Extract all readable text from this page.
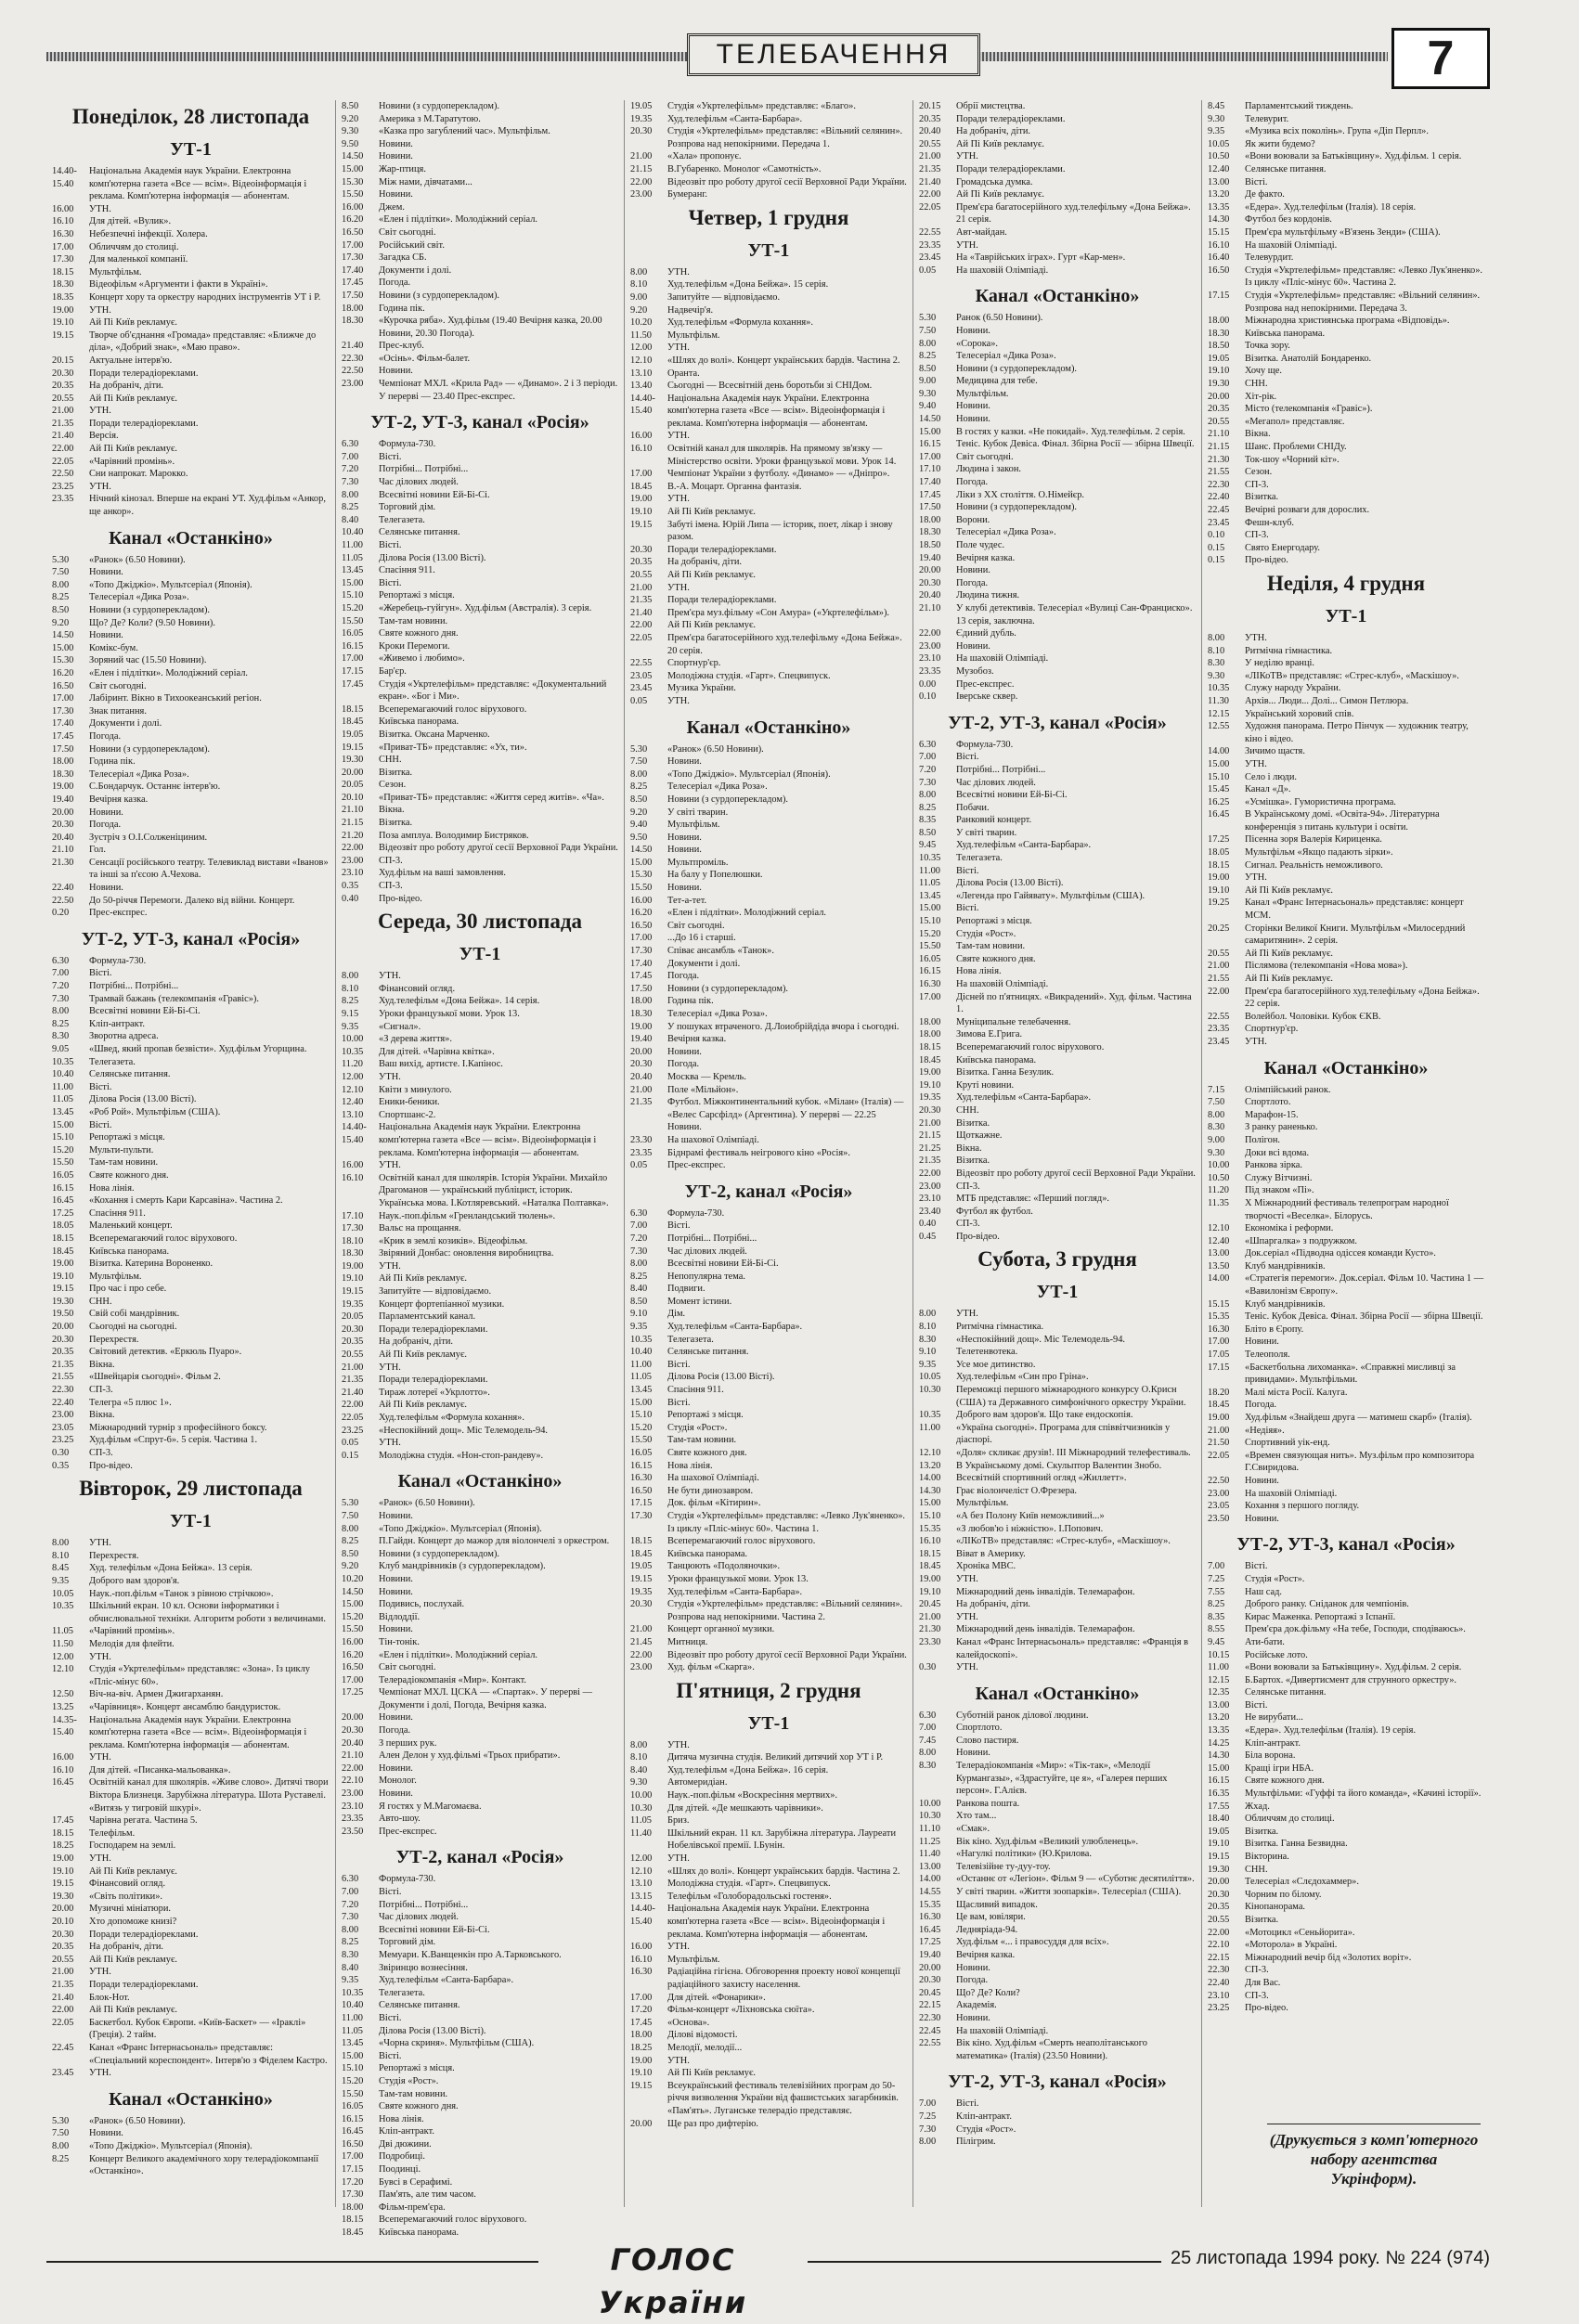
ТЕЛЕБАЧЕННЯ	7
Понеділок, 28 листопада
УТ-1
14.40-15.40
Національна Академія наук України. Електронна комп'ютерна газета «Все — всім». Відеоінформація і реклама. Комп'ютерна інформація — абонентам.
16.00	УТН.
16.10	Для дітей. «Вулик».
16.30	Небезпечні інфекції. Холера.
17.00	Обличчям до столиці.
17.30	Для маленької компанії.
18.15	Мультфільм.
18.30	Відеофільм «Аргументи і факти в Україні».
18.35	Концерт хору та оркестру народних інструментів УТ і Р.
19.00	УТН.
19.10	Ай Пі Київ рекламує.
19.15	Творче об'єднання «Громада» представляє: «Ближче до діла», «Добрий знак», «Маю право».
20.15	Актуальне інтерв'ю.
20.30	Поради телерадіореклами.
20.35	На добраніч, діти.
20.55	Ай Пі Київ рекламує.
21.00	УТН.
21.35	Поради телерадіореклами.
21.40	Версія.
22.00	Ай Пі Київ рекламує.
22.05	«Чарівний промінь».
22.50	Сни напрокат. Марокко.
23.25	УТН.
23.35	Нічний кінозал. Вперше на екрані УТ. Худ.фільм «Анкор, ще анкор».
Канал «Останкіно»
5.30	«Ранок» (6.50 Новини).
7.50	Новини.
8.00	«Топо Джіджіо». Мультсеріал (Японія).
8.25	Телесеріал «Дика Роза».
8.50	Новини (з сурдоперекладом).
9.20	Що? Де? Коли? (9.50 Новини).
14.50	Новини.
15.00	Комікс-бум.
15.30	Зоряний час (15.50 Новини).
16.20	«Елен і підлітки». Молодіжний серіал.
16.50	Світ сьогодні.
17.00	Лабіринт. Вікно в Тихоокеанський регіон.
17.30	Знак питання.
17.40	Документи і долі.
17.45	Погода.
17.50	Новини (з сурдоперекладом).
18.00	Година пік.
18.30	Телесеріал «Дика Роза».
19.00	С.Бондарчук. Останнє інтерв'ю.
19.40	Вечірня казка.
20.00	Новини.
20.30	Погода.
20.40	Зустріч з О.І.Солженіциним.
21.10	Гол.
21.30	Сенсації російського театру. Телевиклад вистави «Іванов» та іншi за п'єсою А.Чехова.
22.40	Новини.
22.50	До 50-річчя Перемоги. Далеко від війни. Концерт.
0.20	Прес-експрес.
УТ-2, УТ-3, канал «Росія»
6.30	Формула-730.
7.00	Вісті.
7.20	Потрібні... Потрібні...
7.30	Трамвай бажань (телекомпанія «Гравіс»).
8.00	Всесвітні новини Ей-Бі-Сі.
8.25	Кліп-антракт.
8.30	Зворотна адреса.
9.05	«Швед, який пропав безвісти». Худ.фільм Угорщина.
10.35	Телегазета.
10.40	Селянське питання.
11.00	Вісті.
11.05	Ділова Росія (13.00 Вісті).
13.45	«Роб Рой». Мультфільм (США).
15.00	Вісті.
15.10	Репортажі з місця.
15.20	Мульти-пульти.
15.50	Там-там новини.
16.05	Святе кожного дня.
16.15	Нова лінія.
16.45	«Кохання і смерть Кари Карсавіна». Частина 2.
17.25	Спасіння 911.
18.05	Маленький концерт.
18.15	Всеперемагаючий голос вірухового.
18.45	Київська панорама.
19.00	Візитка. Катерина Вороненко.
19.10	Мультфільм.
19.15	Про час і про себе.
19.30	СНН.
19.50	Свій собі мандрівник.
20.00	Сьогодні на сьогодні.
20.30	Перехрестя.
20.35	Світовий детектив. «Еркюль Пуаро».
21.35	Вікна.
21.55	«Швейцарія сьогодні». Фільм 2.
22.30	СП-3.
22.40	Телегра «5 плюс 1».
23.00	Вікна.
23.05	Міжнародний турнір з професійного боксу.
23.25	Худ.фільм «Спрут-6». 5 серія. Частина 1.
0.30	СП-3.
0.35	Про-відео.
Вівторок, 29 листопада
УТ-1
8.00	УТН.
8.10	Перехрестя.
8.45	Худ. телефільм «Дона Бейжа». 13 серія.
9.35	Доброго вам здоров'я.
10.05	Наук.-поп.фільм «Танок з рівною стрічкою».
10.35	Шкільний екран. 10 кл. Основи інформатики і обчислювальної техніки. Алгоритм роботи з величинами.
11.05	«Чарівний промінь».
11.50	Мелодія для флейти.
12.00	УТН.
12.10	Студія «Укртелефільм» представляє: «Зона». Із циклу «Пліс-мінус 60».
12.50	Віч-на-віч. Армен Джигарханян.
13.25	«Чарівниця». Концерт ансамблю бандуристок.
14.35-15.40
Національна Академія наук України. Електронна комп'ютерна газета «Все — всім». Відеоінформація і реклама. Комп'ютерна інформація — абонентам.
16.00	УТН.
16.10	Для дітей. «Писанка-мальованка».
16.45	Освітній канал для школярів. «Живе слово». Дитячі твори Віктора Близнеця. Зарубіжна література. Шота Руставелі. «Витязь у тигровій шкурі».
17.45	Чарівна регата. Частина 5.
18.15	Телефільм.
18.25	Господарем на землі.
19.00	УТН.
19.10	Ай Пі Київ рекламує.
19.15	Фінансовий огляд.
19.30	«Світь політики».
20.00	Музичні мініатюри.
20.10	Хто допоможе книзі?
20.30	Поради телерадіореклами.
20.35	На добраніч, діти.
20.55	Ай Пі Київ рекламує.
21.00	УТН.
21.35	Поради телерадіореклами.
21.40	Блок-Нот.
22.00	Ай Пі Київ рекламує.
22.05	Баскетбол. Кубок Європи. «Київ-Баскет» — «Іраклі» (Греція). 2 тайм.
22.45	Канал «Франс Інтернасьональ» представляє: «Спеціальний кореспондент». Інтерв'ю з Фіделем Кастро.
23.45	УТН.
Канал «Останкіно»
5.30	«Ранок» (6.50 Новини).
7.50	Новини.
8.00	«Топо Джіджіо». Мультсеріал (Японія).
8.25	Концерт Великого академічного хору телерадіокомпанії «Останкіно».
8.50	Новини (з сурдоперекладом).
9.20	Америка з М.Таратутою.
9.30	«Казка про загублений час». Мультфільм.
9.50	Новини.
14.50	Новини.
15.00	Жар-птиця.
15.30	Між нами, дівчатами...
15.50	Новини.
16.00	Джем.
16.20	«Елен і підлітки». Молодіжний серіал.
16.50	Світ сьогодні.
17.00	Російський світ.
17.30	Загадка СБ.
17.40	Документи і долі.
17.45	Погода.
17.50	Новини (з сурдоперекладом).
18.00	Година пік.
18.30	«Курочка ряба». Худ.фільм (19.40 Вечірня казка, 20.00 Новини, 20.30 Погода).
21.40	Прес-клуб.
22.30	«Осінь». Фільм-балет.
22.50	Новини.
23.00	Чемпіонат МХЛ. «Крила Рад» — «Динамо». 2 і 3 періоди. У перерві — 23.40 Прес-експрес.
УТ-2, УТ-3, канал «Росія»
6.30	Формула-730.
7.00	Вісті.
7.20	Потрібні... Потрібні...
7.30	Час ділових людей.
8.00	Всесвітні новини Ей-Бі-Сі.
8.25	Торговий дім.
8.40	Телегазета.
10.40	Селянське питання.
11.00	Вісті.
11.05	Ділова Росія (13.00 Вісті).
13.45	Спасіння 911.
15.00	Вісті.
15.10	Репортажі з місця.
15.20	«Жеребець-гуйгун». Худ.фільм (Австралія). 3 серія.
15.50	Там-там новини.
16.05	Святе кожного дня.
16.15	Кроки Перемоги.
17.00	«Живемо і любимо».
17.15	Бар'єр.
17.45	Студія «Укртелефільм» представляє: «Документальний екран». «Бог і Ми».
18.15	Всеперемагаючий голос вірухового.
18.45	Київська панорама.
19.05	Візитка. Оксана Марченко.
19.15	«Приват-ТБ» представляє: «Ух, ти».
19.30	СНН.
20.00	Візитка.
20.05	Сезон.
20.10	«Приват-ТБ» представляє: «Життя серед житів». «Ча».
21.10	Вікна.
21.15	Візитка.
21.20	Поза амплуа. Володимир Бистряков.
22.00	Відеозвіт про роботу другої сесії Верховної Ради України.
23.00	СП-3.
23.10	Худ.фільм на ваші замовлення.
0.35	СП-3.
0.40	Про-відео.
Середа, 30 листопада
УТ-1
8.00	УТН.
8.10	Фінансовий огляд.
8.25	Худ.телефільм «Дона Бейжа». 14 серія.
9.15	Уроки французької мови. Урок 13.
9.35	«Сигнал».
10.00	«З дерева життя».
10.35	Для дітей. «Чарівна квітка».
11.20	Ваш вихід, артисте. І.Капінос.
12.00	УТН.
12.10	Квіти з минулого.
12.40	Еники-беники.
13.10	Спортшанс-2.
14.40-15.40
Національна Академія наук України. Електронна комп'ютерна газета «Все — всім». Відеоінформація і реклама. Комп'ютерна інформація — абонентам.
16.00	УТН.
16.10	Освітній канал для школярів. Історія України. Михайло Драгоманов — український публіцист, історик. Українська мова. І.Котляревський. «Наталка Полтавка».
17.10	Наук.-поп.фільм «Гренландський тюлень».
17.30	Вальс на прощання.
18.10	«Крик в землі козиків». Відеофільм.
18.30	Звіряний Донбас: оновлення виробництва.
19.00	УТН.
19.10	Ай Пі Київ рекламує.
19.15	Запитуйте — відповідаємо.
19.35	Концерт фортепіанної музики.
20.05	Парламентський канал.
20.30	Поради телерадіореклами.
20.35	На добраніч, діти.
20.55	Ай Пі Київ рекламує.
21.00	УТН.
21.35	Поради телерадіореклами.
21.40	Тираж лотереї «Укрлотто».
22.00	Ай Пі Київ рекламує.
22.05	Худ.телефільм «Формула кохання».
23.25	«Неспокійний дощ». Міс Телемодель-94.
0.05	УТН.
0.15	Молодіжна студія. «Нон-стоп-рандеву».
Канал «Останкіно»
5.30	«Ранок» (6.50 Новини).
7.50	Новини.
8.00	«Топо Джіджіо». Мультсеріал (Японія).
8.25	П.Гайдн. Концерт до мажор для віолончелі з оркестром.
8.50	Новини (з сурдоперекладом).
9.20	Клуб мандрівників (з сурдоперекладом).
10.20	Новини.
14.50	Новини.
15.00	Подивись, послухай.
15.20	Відлоддії.
15.50	Новини.
16.00	Тін-тонік.
16.20	«Елен і підлітки». Молодіжний серіал.
16.50	Світ сьогодні.
17.00	Телерадіокомпанія «Мир». Контакт.
17.25	Чемпіонат МХЛ. ЦСКА — «Спартак». У перерві — Документи і долі, Погода, Вечірня казка.
20.00	Новини.
20.30	Погода.
20.40	З перших рук.
21.10	Ален Делон у худ.фільмі «Трьох прибрати».
22.00	Новини.
22.10	Монолог.
23.00	Новини.
23.10	Я гостях у М.Магомаєва.
23.35	Авто-шоу.
23.50	Прес-експрес.
УТ-2, канал «Росія»
6.30	Формула-730.
7.00	Вісті.
7.20	Потрібні... Потрібні...
7.30	Час ділових людей.
8.00	Всесвітні новини Ей-Бі-Сі.
8.25	Торговий дім.
8.30	Мемуари. К.Ванщенкін про А.Тарковського.
8.40	Звіринцю вознесіння.
9.35	Худ.телефільм «Санта-Барбара».
10.35	Телегазета.
10.40	Селянське питання.
11.00	Вісті.
11.05	Ділова Росія (13.00 Вісті).
13.45	«Чорна скриня». Мультфільм (США).
15.00	Вісті.
15.10	Репортажі з місця.
15.20	Студія «Рост».
15.50	Там-там новини.
16.05	Святе кожного дня.
16.15	Нова лінія.
16.45	Кліп-антракт.
16.50	Дві дюжини.
17.00	Подробиці.
17.15	Поодинці.
17.20	Бувсі в Серафимі.
17.30	Пам'ять, але тим часом.
18.00	Фільм-прем'єра.
18.15	Всеперемагаючий голос вірухового.
18.45	Київська панорама.
19.05	Студія «Укртелефільм» представляє: «Благо».
19.35	Худ.телефільм «Санта-Барбара».
20.30	Студія «Укртелефільм» представляє: «Вільний селянин». Розпрова над непокірними. Передача 1.
21.00	«Хала» пропонує.
21.15	В.Губаренко. Монолог «Самотність».
22.00	Відеозвіт про роботу другої сесії Верховної Ради України.
23.00	Бумеранг.
Четвер, 1 грудня
УТ-1
8.00	УТН.
8.10	Худ.телефільм «Дона Бейжа». 15 серія.
9.00	Запитуйте — відповідаємо.
9.20	Надвечір'я.
10.20	Худ.телефільм «Формула кохання».
11.50	Мультфільм.
12.00	УТН.
12.10	«Шлях до волі». Концерт українських бардів. Частина 2.
13.10	Оранта.
13.40	Сьогодні — Всесвітній день боротьби зі СНІДом.
14.40-15.40
Національна Академія наук України. Електронна комп'ютерна газета «Все — всім». Відеоінформація і реклама. Комп'ютерна інформація — абонентам.
16.00	УТН.
16.10	Освітній канал для школярів. На прямому зв'язку — Міністерство освіти. Уроки французької мови. Урок 14.
17.00	Чемпіонат України з футболу. «Динамо» — «Дніпро».
18.45	В.-А. Моцарт. Органна фантазія.
19.00	УТН.
19.10	Ай Пі Київ рекламує.
19.15	Забуті імена. Юрій Липа — історик, поет, лікар і знову разом.
20.30	Поради телерадіореклами.
20.35	На добраніч, діти.
20.55	Ай Пі Київ рекламує.
21.00	УТН.
21.35	Поради телерадіореклами.
21.40	Прем'єра муз.фільму «Сон Амура» («Укртелефільм»).
22.00	Ай Пі Київ рекламує.
22.05	Прем'єра багатосерійного худ.телефільму «Дона Бейжа». 20 серія.
22.55	Спортнур'єр.
23.05	Молодіжна студія. «Гарт». Спецвипуск.
23.45	Музика України.
0.05	УТН.
Канал «Останкіно»
5.30	«Ранок» (6.50 Новини).
7.50	Новини.
8.00	«Топо Джіджіо». Мультсеріал (Японія).
8.25	Телесеріал «Дика Роза».
8.50	Новини (з сурдоперекладом).
9.20	У світі тварин.
9.40	Мультфільм.
9.50	Новини.
14.50	Новини.
15.00	Мультпроміль.
15.30	На балу у Попелюшки.
15.50	Новини.
16.00	Тет-а-тет.
16.20	«Елен і підлітки». Молодіжний серіал.
16.50	Світ сьогодні.
17.00	...До 16 і старші.
17.30	Співає ансамбль «Танок».
17.40	Документи і долі.
17.45	Погода.
17.50	Новини (з сурдоперекладом).
18.00	Година пік.
18.30	Телесеріал «Дика Роза».
19.00	У пошуках втраченого. Д.Лоиобрійдіда вчора і сьогодні.
19.40	Вечірня казка.
20.00	Новини.
20.30	Погода.
20.40	Москва — Кремль.
21.00	Поле «Мільйон».
21.35	Футбол. Міжконтинентальний кубок. «Мілан» (Італія) — «Велес Сарсфілд» (Аргентина). У перерві — 22.25 Новини.
23.30	На шахової Олімпіаді.
23.35	Біднрамі фестиваль неігрового кіно «Росія».
0.05	Прес-експрес.
УТ-2, канал «Росія»
6.30	Формула-730.
7.00	Вісті.
7.20	Потрібні... Потрібні...
7.30	Час ділових людей.
8.00	Всесвітні новини Ей-Бі-Сі.
8.25	Непопулярна тема.
8.40	Подвиги.
8.50	Момент істини.
9.10	Дім.
9.35	Худ.телефільм «Санта-Барбара».
10.35	Телегазета.
10.40	Селянське питання.
11.00	Вісті.
11.05	Ділова Росія (13.00 Вісті).
13.45	Спасіння 911.
15.00	Вісті.
15.10	Репортажі з місця.
15.20	Студія «Рост».
15.50	Там-там новини.
16.05	Святе кожного дня.
16.15	Нова лінія.
16.30	На шахової Олімпіаді.
16.50	Не бути динозавром.
17.15	Док. фільм «Кітирин».
17.30	Студія «Укртелефільм» представляє: «Левко Лук'яненко». Із циклу «Пліс-мінус 60». Частина 1.
18.15	Всеперемагаючий голос вірухового.
18.45	Київська панорама.
19.05	Танцюють «Подоляночки».
19.15	Уроки французької мови. Урок 13.
19.35	Худ.телефільм «Санта-Барбара».
20.30	Студія «Укртелефільм» представляє: «Вільний селянин». Розпрова над непокірними. Частина 2.
21.00	Концерт органної музики.
21.45	Митниця.
22.00	Відеозвіт про роботу другої сесії Верховної Ради України.
23.00	Худ. фільм «Скарга».
П'ятниця, 2 грудня
УТ-1
8.00	УТН.
8.10	Дитяча музична студія. Великий дитячий хор УТ і Р.
8.40	Худ.телефільм «Дона Бейжа». 16 серія.
9.30	Автомеридіан.
10.00	Наук.-поп.фільм «Воскресіння мертвих».
10.30	Для дітей. «Де мешкають чарівники».
11.05	Бриз.
11.40	Шкільний екран. 11 кл. Зарубіжна література. Лауреати Нобелівської премії. І.Бунін.
12.00	УТН.
12.10	«Шлях до волі». Концерт українських бардів. Частина 2.
13.10	Молодіжна студія. «Гарт». Спецвипуск.
13.15	Телефільм «Голоборадольські гостеня».
14.40-15.40
Національна Академія наук України. Електронна комп'ютерна газета «Все — всім». Відеоінформація і реклама. Комп'ютерна інформація — абонентам.
16.00	УТН.
16.10	Мультфільм.
16.30	Радіаційна гігієна. Обговорення проекту нової концепції радіаційного захисту населення.
17.00	Для дітей. «Фонарики».
17.20	Фільм-концерт «Ліхновська сюїта».
17.45	«Основа».
18.00	Ділові відомості.
18.25	Мелодії, мелодії...
19.00	УТН.
19.10	Ай Пі Київ рекламує.
19.15	Всеукраїнський фестиваль телевізійних програм до 50-річчя визволення України від фашистських загарбників. «Пам'ять». Луганське телерадіо представляє.
20.00	Ще раз про дифтерію.
20.15	Обрії мистецтва.
20.35	Поради телерадіореклами.
20.40	На добраніч, діти.
20.55	Ай Пі Київ рекламує.
21.00	УТН.
21.35	Поради телерадіореклами.
21.40	Громадська думка.
22.00	Ай Пі Київ рекламує.
22.05	Прем'єра багатосерійного худ.телефільму «Дона Бейжа». 21 серія.
22.55	Авт-майдан.
23.35	УТН.
23.45	На «Таврійських іграх». Гурт «Кар-мен».
0.05	На шаховій Олімпіаді.
Канал «Останкіно»
5.30	Ранок (6.50 Новини).
7.50	Новини.
8.00	«Сорока».
8.25	Телесеріал «Дика Роза».
8.50	Новини (з сурдоперекладом).
9.00	Медицина для тебе.
9.30	Мультфільм.
9.40	Новини.
14.50	Новини.
15.00	В гостях у казки. «Не покидай». Худ.телефільм. 2 серія.
16.15	Теніс. Кубок Девіса. Фінал. Збірна Росії — збірна Швеції.
17.00	Світ сьогодні.
17.10	Людина і закон.
17.40	Погода.
17.45	Ліки з XX століття. О.Німейєр.
17.50	Новини (з сурдоперекладом).
18.00	Ворони.
18.30	Телесеріал «Дика Роза».
18.50	Поле чудес.
19.40	Вечірня казка.
20.00	Новини.
20.30	Погода.
20.40	Людина тижня.
21.10	У клубі детективів. Телесеріал «Вулиці Сан-Франциско». 13 серія, заключна.
22.00	Єдиний дубль.
23.00	Новини.
23.10	На шаховій Олімпіаді.
23.35	Музобоз.
0.00	Прес-експрес.
0.10	Іверське сквер.
УТ-2, УТ-3, канал «Росія»
6.30	Формула-730.
7.00	Вісті.
7.20	Потрібні... Потрібні...
7.30	Час ділових людей.
8.00	Всесвітні новини Ей-Бі-Сі.
8.25	Побачи.
8.35	Ранковий концерт.
8.50	У світі тварин.
9.45	Худ.телефільм «Санта-Барбара».
10.35	Телегазета.
11.00	Вісті.
11.05	Ділова Росія (13.00 Вісті).
13.45	«Легенда про Гайявату». Мультфільм (США).
15.00	Вісті.
15.10	Репортажі з місця.
15.20	Студія «Рост».
15.50	Там-там новини.
16.05	Святе кожного дня.
16.15	Нова лінія.
16.30	На шаховій Олімпіаді.
17.00	Дісней по п'ятницях. «Викрадений». Худ. фільм. Частина 1.
18.00	Муніципальне телебачення.
18.00	Зимова Е.Грига.
18.15	Всеперемагаючий голос вірухового.
18.45	Київська панорама.
19.00	Візитка. Ганна Безулик.
19.10	Круті новини.
19.35	Худ.телефільм «Санта-Барбара».
20.30	СНН.
21.00	Візитка.
21.15	Щоткажне.
21.25	Вікна.
21.35	Візитка.
22.00	Відеозвіт про роботу другої сесії Верховної Ради України.
23.00	СП-3.
23.10	МТБ представляє: «Перший погляд».
23.40	Футбол як футбол.
0.40	СП-3.
0.45	Про-відео.
Субота, 3 грудня
УТ-1
8.00	УТН.
8.10	Ритмічна гімнастика.
8.30	«Неспокійний дощ». Міс Телемодель-94.
9.10	Телетенвотека.
9.35	Усе мое дитинство.
10.05	Худ.телефільм «Син про Гріна».
10.30	Переможці першого міжнародного конкурсу О.Крисн (США) та Державного симфонічного оркестру України.
10.35	Доброго вам здоров'я. Що таке ендоскопія.
11.00	«Україна сьогодні». Програма для співвітчизників у діаспорі.
12.10	«Доля» скликає друзів!. ІІІ Міжнародний телефестиваль.
13.20	В Українському домі. Скульптор Валентин Знобо.
14.00	Всесвітній спортивний огляд «Жиллетт».
14.30	Грає віолончеліст О.Фрезера.
15.00	Мультфільм.
15.10	«А без Полону Київ неможливий...»
15.35	«З любов'ю і ніжністю». І.Попович.
16.10	«ЛІКоТВ» представляє: «Стрес-клуб», «Маскішоу».
18.15	Віват в Америку.
18.45	Хроніка МВС.
19.00	УТН.
19.10	Міжнародний день інвалідів. Телемарафон.
20.45	На добраніч, діти.
21.00	УТН.
21.30	Міжнародний день інвалідів. Телемарафон.
23.30	Канал «Франс Інтернасьональ» представляє: «Франція в калейдоскопі».
0.30	УТН.
Канал «Останкіно»
6.30	Суботній ранок ділової людини.
7.00	Спортлото.
7.45	Слово пастиря.
8.00	Новини.
8.30	Телерадіокомпанія «Мир»: «Тік-так», «Мелодії Курмангазы», «Здрастуйте, це я», «Галерея перших персон». Г.Алієв.
10.00	Ранкова пошта.
10.30	Хто там...
11.10	«Смак».
11.25	Вік кіно. Худ.фільм «Великий улюбленець».
11.40	«Нагулкі політики» (Ю.Крилова.
13.00	Телевізійне ту-дуу-тоу.
14.00	«Останнє от «Легіон». Фільм 9 — «Суботнє десятиліття».
14.55	У світі тварин. «Життя зоопарків». Телесеріал (США).
15.35	Щасливий випадок.
16.30	Це вам, ювіляри.
16.45	Ледняріада-94.
17.25	Худ.фільм «... і правосуддя для всіх».
19.40	Вечірня казка.
20.00	Новини.
20.30	Погода.
20.45	Що? Де? Коли?
22.15	Академія.
22.30	Новини.
22.45	На шаховій Олімпіаді.
22.55	Вік кіно. Худ.фільм «Смерть неаполітанського математика» (Італія) (23.50 Новини).
УТ-2, УТ-3, канал «Росія»
7.00	Вісті.
7.25	Кліп-антракт.
7.30	Студія «Рост».
8.00	Пілігрим.
8.45	Парламентський тиждень.
9.30	Телевурит.
9.35	«Музика всіх поколінь». Група «Діп Перпл».
10.05	Як жити будемо?
10.50	«Вони воювали за Батьківщину». Худ.фільм. 1 серія.
12.40	Селянське питання.
13.00	Вісті.
13.20	Де факто.
13.35	«Едера». Худ.телефільм (Італія). 18 серія.
14.30	Футбол без кордонів.
15.15	Прем'єра мультфільму «В'язень Зенди» (США).
16.10	На шаховій Олімпіаді.
16.40	Телевурдит.
16.50	Студія «Укртелефільм» представляє: «Левко Лук'яненко». Із циклу «Пліс-мінус 60». Частина 2.
17.15	Студія «Укртелефільм» представляє: «Вільний селянин». Розпрова над непокірними. Передача 3.
18.00	Міжнародна християнська програма «Відповідь».
18.30	Київська панорама.
18.50	Точка зору.
19.05	Візитка. Анатолій Бондаренко.
19.10	Хочу ще.
19.30	СНН.
20.00	Хіт-рік.
20.35	Місто (телекомпанія «Гравіс»).
20.55	«Мегапол» представляє.
21.10	Вікна.
21.15	Шанс. Проблеми СНІДу.
21.30	Ток-шоу «Чорний кіт».
21.55	Сезон.
22.30	СП-3.
22.40	Візитка.
22.45	Вечірні розваги для дорослих.
23.45	Фешн-клуб.
0.10	СП-3.
0.15	Свято Енергодару.
0.15	Про-відео.
Неділя, 4 грудня
УТ-1
8.00	УТН.
8.10	Ритмічна гімнастика.
8.30	У неділю вранці.
9.30	«ЛІКоТВ» представляє: «Стрес-клуб», «Маскішоу».
10.35	Служу народу України.
11.30	Архів... Люди... Долі... Симон Петлюра.
12.15	Український хоровий спів.
12.55	Художня панорама. Петро Пінчук — художник театру, кіно і відео.
14.00	Зичимо щастя.
15.00	УТН.
15.10	Село і люди.
15.45	Канал «Д».
16.25	«Усмішка». Гумористична програма.
16.45	В Українському домі. «Освіта-94». Літературна конференція з питань культури і освіти.
17.25	Пісенна зоря Валерія Кириценка.
18.05	Мультфільм «Якщо падають зірки».
18.15	Сигнал. Реальність неможливого.
19.00	УТН.
19.10	Ай Пі Київ рекламує.
19.25	Канал «Франс Інтернасьональ» представляє: концерт МСМ.
20.25	Сторінки Великої Книги. Мультфільм «Милосердний самаритянин». 2 серія.
20.55	Ай Пі Київ рекламує.
21.00	Післямова (телекомпанія «Нова мова»).
21.55	Ай Пі Київ рекламує.
22.00	Прем'єра багатосерійного худ.телефільму «Дона Бейжа». 22 серія.
22.55	Волейбол. Чоловіки. Кубок ЄКВ.
23.35	Спортнур'єр.
23.45	УТН.
Канал «Останкіно»
7.15	Олімпійський ранок.
7.50	Спортлото.
8.00	Марафон-15.
8.30	З ранку раненько.
9.00	Полігон.
9.30	Доки всі вдома.
10.00	Ранкова зірка.
10.50	Служу Вітчизні.
11.20	Під знаком «Пі».
11.35	X Міжнародний фестиваль телепрограм народної творчості «Веселка». Білорусь.
12.10	Економіка і реформи.
12.40	«Шпаргалка» з подружком.
13.00	Док.серіал «Підводна одіссея команди Кусто».
13.50	Клуб мандрівників.
14.00	«Стратегія перемоги». Док.серіал. Фільм 10. Частина 1 — «Вавилонізм Європу».
15.15	Клуб мандрівників.
15.35	Теніс. Кубок Девіса. Фінал. Збірна Росії — збірна Швеції.
16.30	Бліто в Єропу.
17.00	Новини.
17.05	Телеополя.
17.15	«Баскетбольна лихоманка». «Справжні мисливці за привидами». Мультфільми.
18.20	Малі міста Росії. Калуга.
18.45	Погода.
19.00	Худ.фільм «Знайдеш друга — матимеш скарб» (Італія).
21.00	«Недіяя».
21.50	Спортивний уік-енд.
22.05	«Времен связующая нить». Муз.фільм про композитора Г.Свиридова.
22.50	Новини.
23.00	На шаховій Олімпіаді.
23.05	Кохання з першого погляду.
23.50	Новини.
УТ-2, УТ-3, канал «Росія»
7.00	Вісті.
7.25	Студія «Рост».
7.55	Наш сад.
8.25	Доброго ранку. Сніданок для чемпіонів.
8.35	Кирас Маженка. Репортажі з Іспанії.
8.55	Прем'єра док.фільму «На тебе, Господи, сподіваюсь».
9.45	Ати-бати.
10.15	Російське лото.
11.00	«Вони воювали за Батьківщину». Худ.фільм. 2 серія.
12.15	Б.Бартох. «Дивертисмент для струнного оркестру».
12.35	Селянське питання.
13.00	Вісті.
13.20	Не вирубати...
13.35	«Едера». Худ.телефільм (Італія). 19 серія.
14.25	Кліп-антракт.
14.30	Біла ворона.
15.00	Кращі ігри НБА.
16.15	Святе кожного дня.
16.35	Мультфільми: «Гуффі та його команда», «Качині історії».
17.55	Жхад.
18.40	Обличчям до столиці.
19.05	Візитка.
19.10	Візитка. Ганна Безвидна.
19.15	Вікторина.
19.30	СНН.
20.00	Телесеріал «Слєдохаммер».
20.30	Чорним по білому.
20.35	Кінопанорама.
20.55	Візитка.
22.00	«Мотоцикл «Сеньйорита».
22.10	«Моторола» в Україні.
22.15	Міжнародний вечір бід «Золотих воріт».
22.30	СП-3.
22.40	Для Вас.
23.10	СП-3.
23.25	Про-відео.
(Друкується з комп'ютерного набору агентства Укрінформ).
ГОЛОС України
25 листопада 1994 року. № 224 (974)
